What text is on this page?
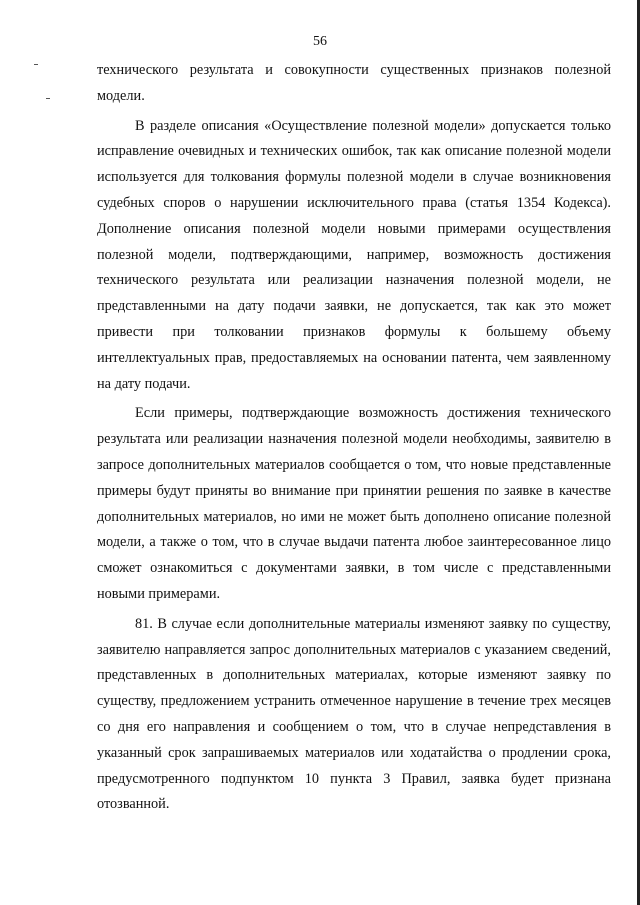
56

технического результата и совокупности существенных признаков полезной модели.

В разделе описания «Осуществление полезной модели» допускается только исправление очевидных и технических ошибок, так как описание полезной модели используется для толкования формулы полезной модели в случае возникновения судебных споров о нарушении исключительного права (статья 1354 Кодекса). Дополнение описания полезной модели новыми примерами осуществления полезной модели, подтверждающими, например, возможность достижения технического результата или реализации назначения полезной модели, не представленными на дату подачи заявки, не допускается, так как это может привести при толковании признаков формулы к большему объему интеллектуальных прав, предоставляемых на основании патента, чем заявленному на дату подачи.

Если примеры, подтверждающие возможность достижения технического результата или реализации назначения полезной модели необходимы, заявителю в запросе дополнительных материалов сообщается о том, что новые представленные примеры будут приняты во внимание при принятии решения по заявке в качестве дополнительных материалов, но ими не может быть дополнено описание полезной модели, а также о том, что в случае выдачи патента любое заинтересованное лицо сможет ознакомиться с документами заявки, в том числе с представленными новыми примерами.

81. В случае если дополнительные материалы изменяют заявку по существу, заявителю направляется запрос дополнительных материалов с указанием сведений, представленных в дополнительных материалах, которые изменяют заявку по существу, предложением устранить отмеченное нарушение в течение трех месяцев со дня его направления и сообщением о том, что в случае непредставления в указанный срок запрашиваемых материалов или ходатайства о продлении срока, предусмотренного подпунктом 10 пункта 3 Правил, заявка будет признана отозванной.
